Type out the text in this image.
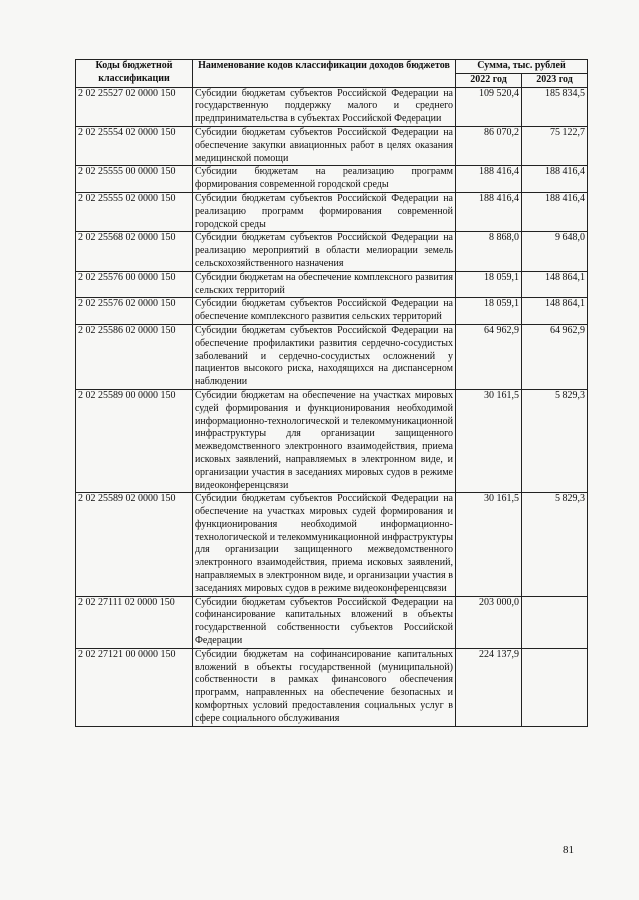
Коды бюджетной классификации	Наименование кодов классификации доходов бюджетов	Сумма, тыс. рублей	
		2022 год	2023 год
2 02 25527 02 0000 150	Субсидии бюджетам субъектов Российской Федерации на государственную поддержку малого и среднего предпринимательства в субъектах Российской Федерации	109 520,4	185 834,5
2 02 25554 02 0000 150	Субсидии бюджетам субъектов Российской Федерации на обеспечение закупки авиационных работ в целях оказания медицинской помощи	86 070,2	75 122,7
2 02 25555 00 0000 150	Субсидии бюджетам на реализацию программ формирования современной городской среды	188 416,4	188 416,4
2 02 25555 02 0000 150	Субсидии бюджетам субъектов Российской Федерации на реализацию программ формирования современной городской среды	188 416,4	188 416,4
2 02 25568 02 0000 150	Субсидии бюджетам субъектов Российской Федерации на реализацию мероприятий в области мелиорации земель сельскохозяйственного назначения	8 868,0	9 648,0
2 02 25576 00 0000 150	Субсидии бюджетам на обеспечение комплексного развития сельских территорий	18 059,1	148 864,1
2 02 25576 02 0000 150	Субсидии бюджетам субъектов Российской Федерации на обеспечение комплексного развития сельских территорий	18 059,1	148 864,1
2 02 25586 02 0000 150	Субсидии бюджетам субъектов Российской Федерации на обеспечение профилактики развития сердечно-сосудистых заболеваний и сердечно-сосудистых осложнений у пациентов высокого риска, находящихся на диспансерном наблюдении	64 962,9	64 962,9
2 02 25589 00 0000 150	Субсидии бюджетам на обеспечение на участках мировых судей формирования и функционирования необходимой информационно-технологической и телекоммуникационной инфраструктуры для организации защищенного межведомственного электронного взаимодействия, приема исковых заявлений, направляемых в электронном виде, и организации участия в заседаниях мировых судов в режиме видеоконференцсвязи	30 161,5	5 829,3
2 02 25589 02 0000 150	Субсидии бюджетам субъектов Российской Федерации на обеспечение на участках мировых судей формирования и функционирования необходимой информационно-технологической и телекоммуникационной инфраструктуры для организации защищенного межведомственного электронного взаимодействия, приема исковых заявлений, направляемых в электронном виде, и организации участия в заседаниях мировых судов в режиме видеоконференцсвязи	30 161,5	5 829,3
2 02 27111 02 0000 150	Субсидии бюджетам субъектов Российской Федерации на софинансирование капитальных вложений в объекты государственной собственности субъектов Российской Федерации	203 000,0	
2 02 27121 00 0000 150	Субсидии бюджетам на софинансирование капитальных вложений в объекты государственной (муниципальной) собственности в рамках финансового обеспечения программ, направленных на обеспечение безопасных и комфортных условий предоставления социальных услуг в сфере социального обслуживания	224 137,9	
81
